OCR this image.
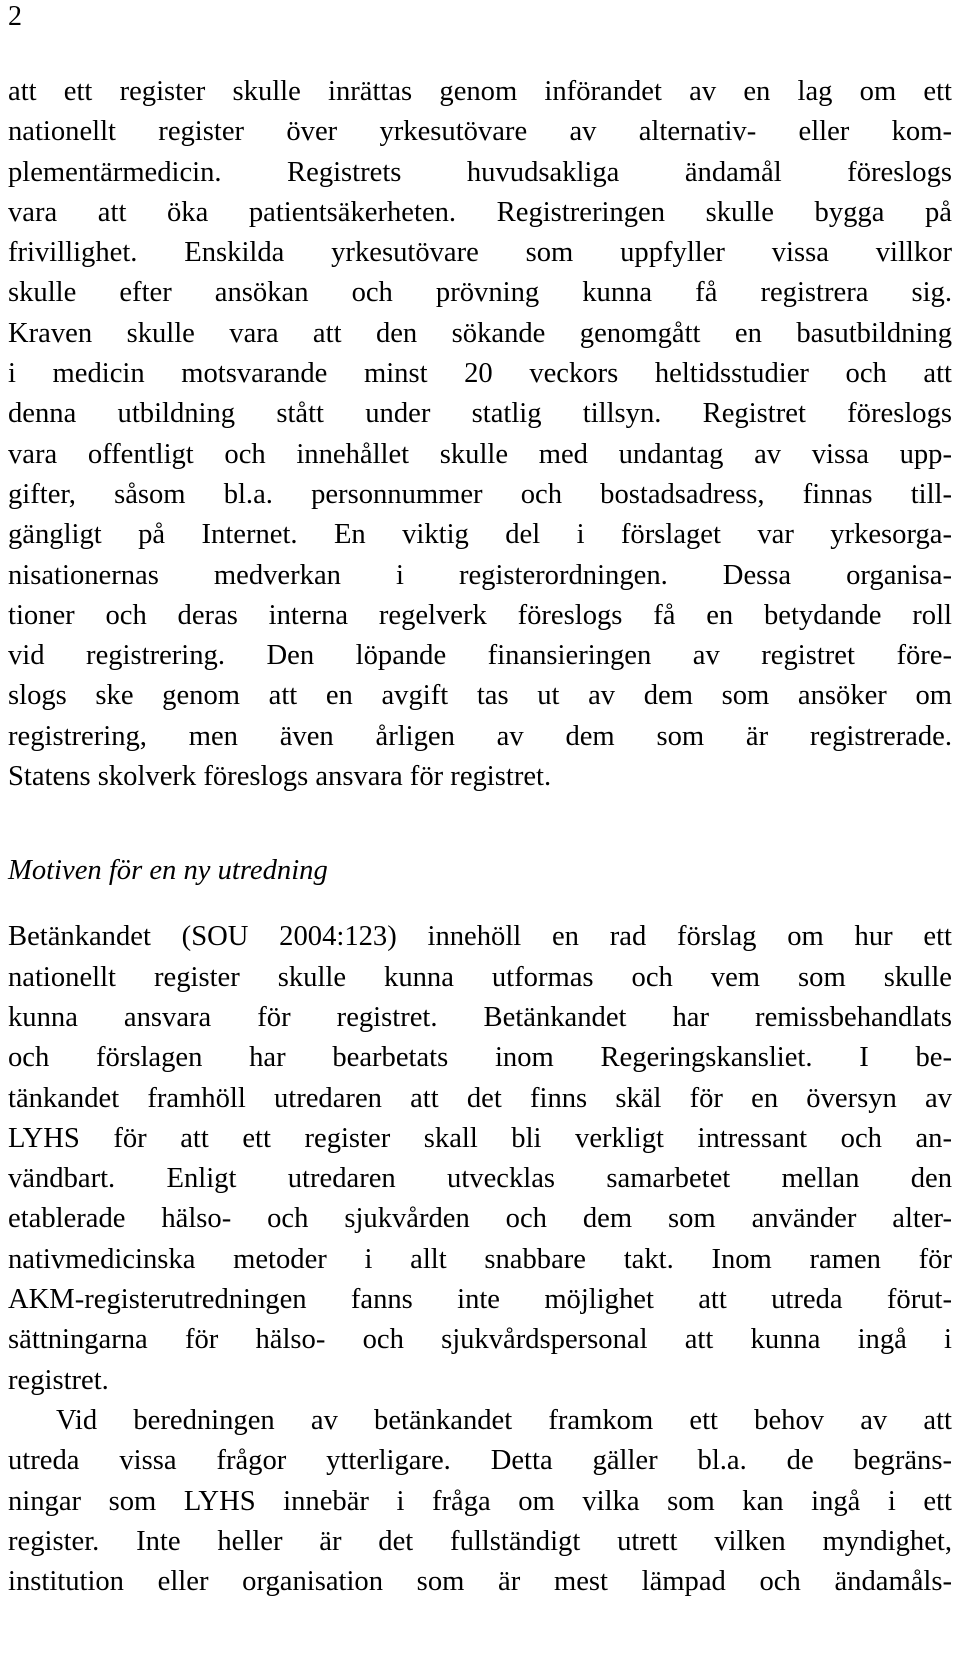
2
att ett register skulle inrättas genom införandet av en lag om ett
nationellt register över yrkesutövare av alternativ- eller kom-
plementärmedicin. Registrets huvudsakliga ändamål föreslogs
vara att öka patientsäkerheten. Registreringen skulle bygga på
frivillighet. Enskilda yrkesutövare som uppfyller vissa villkor
skulle efter ansökan och prövning kunna få registrera sig.
Kraven skulle vara att den sökande genomgått en basutbildning
i medicin motsvarande minst 20 veckors heltidsstudier och att
denna utbildning stått under statlig tillsyn. Registret föreslogs
vara offentligt och innehållet skulle med undantag av vissa upp-
gifter, såsom bl.a. personnummer och bostadsadress, finnas till-
gängligt på Internet. En viktig del i förslaget var yrkesorga-
nisationernas medverkan i registerordningen. Dessa organisa-
tioner och deras interna regelverk föreslogs få en betydande roll
vid registrering. Den löpande finansieringen av registret före-
slogs ske genom att en avgift tas ut av dem som ansöker om
registrering, men även årligen av dem som är registrerade.
Statens skolverk föreslogs ansvara för registret.
Motiven för en ny utredning
Betänkandet (SOU 2004:123) innehöll en rad förslag om hur ett
nationellt register skulle kunna utformas och vem som skulle
kunna ansvara för registret. Betänkandet har remissbehandlats
och förslagen har bearbetats inom Regeringskansliet. I be-
tänkandet framhöll utredaren att det finns skäl för en översyn av
LYHS för att ett register skall bli verkligt intressant och an-
vändbart. Enligt utredaren utvecklas samarbetet mellan den
etablerade hälso- och sjukvården och dem som använder alter-
nativmedicinska metoder i allt snabbare takt. Inom ramen för
AKM-registerutredningen fanns inte möjlighet att utreda förut-
sättningarna för hälso- och sjukvårdspersonal att kunna ingå i
registret.
Vid beredningen av betänkandet framkom ett behov av att
utreda vissa frågor ytterligare. Detta gäller bl.a. de begräns-
ningar som LYHS innebär i fråga om vilka som kan ingå i ett
register. Inte heller är det fullständigt utrett vilken myndighet,
institution eller organisation som är mest lämpad och ändamåls-
